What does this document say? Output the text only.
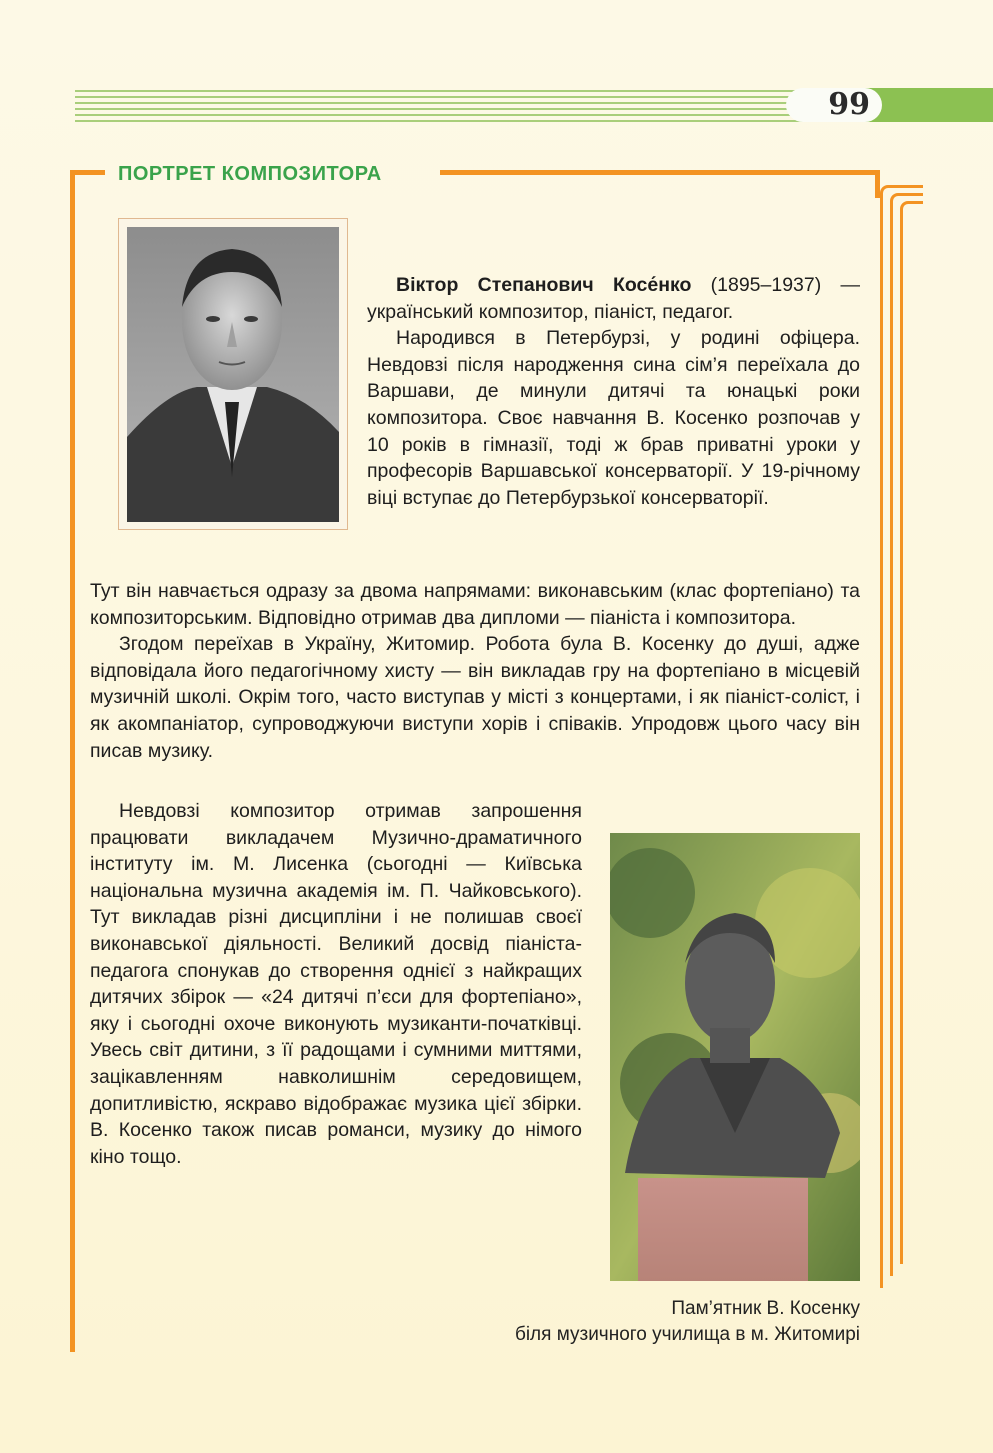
99
ПОРТРЕТ КОМПОЗИТОРА

Віктор Степанович Косе́нко (1895–1937) — український композитор, піаніст, педагог.

Народився в Петербурзі, у родині офіцера. Невдовзі після народження сина сім’я переїхала до Варшави, де минули дитячі та юнацькі роки композитора. Своє навчання В. Косенко розпочав у 10 років в гімназії, тоді ж брав приватні уроки у професорів Варшавської консерваторії. У 19-річному віці вступає до Петербурзької консерваторії.

Тут він навчається одразу за двома напрямами: виконавським (клас фортепіано) та композиторським. Відповідно отримав два дипломи — піаніста і композитора.

Згодом переїхав в Україну, Житомир. Робота була В. Косенку до душі, адже відповідала його педагогічному хисту — він викладав гру на фортепіано в місцевій музичній школі. Окрім того, часто виступав у місті з концертами, і як піаніст-соліст, і як акомпаніатор, супроводжуючи виступи хорів і співаків. Упродовж цього часу він писав музику.

Невдовзі композитор отримав запрошення працювати викладачем Музично-драматичного інституту ім. М. Лисенка (сьогодні — Київська національна музична академія ім. П. Чайковського). Тут викладав різні дисципліни і не полишав своєї виконавської діяльності. Великий досвід піаніста-педагога спонукав до створення однієї з найкращих дитячих збірок — «24 дитячі п’єси для фортепіано», яку і сьогодні охоче виконують музиканти-початківці. Увесь світ дитини, з її радощами і сумними миттями, зацікавленням навколишнім середовищем, допитливістю, яскраво відображає музика цієї збірки. В. Косенко також писав романси, музику до німого кіно тощо.

Пам’ятник В. Косенку
біля музичного училища в м. Житомирі
